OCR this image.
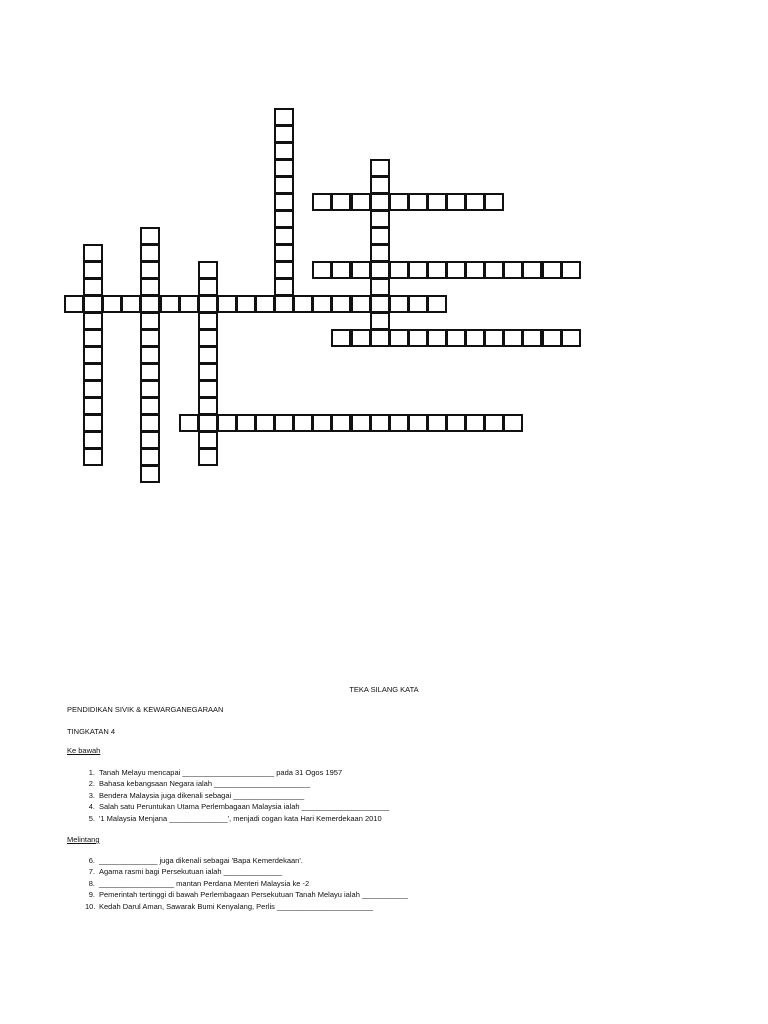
TEKA SILANG KATA
PENDIDIKAN SIVIK & KEWARGANEGARAAN
TINGKATAN 4
Ke bawah
1. Tanah Melayu mencapai ______________________ pada 31 Ogos 1957
2. Bahasa kebangsaan Negara ialah _______________________
3. Bendera Malaysia juga dikenali sebagai _________________
4. Salah satu Peruntukan Utama Perlembagaan Malaysia ialah _____________________
5. '1 Malaysia Menjana ______________', menjadi cogan kata Hari Kemerdekaan 2010
Melintang
6. ______________ juga dikenali sebagai 'Bapa Kemerdekaan'.
7. Agama rasmi bagi Persekutuan ialah ______________
8. __________________ mantan Perdana Menteri Malaysia ke -2
9. Pemerintah tertinggi di bawah Perlembagaan Persekutuan Tanah Melayu ialah ___________
10. Kedah Darul Aman, Sawarak Bumi Kenyalang, Perlis _______________________
